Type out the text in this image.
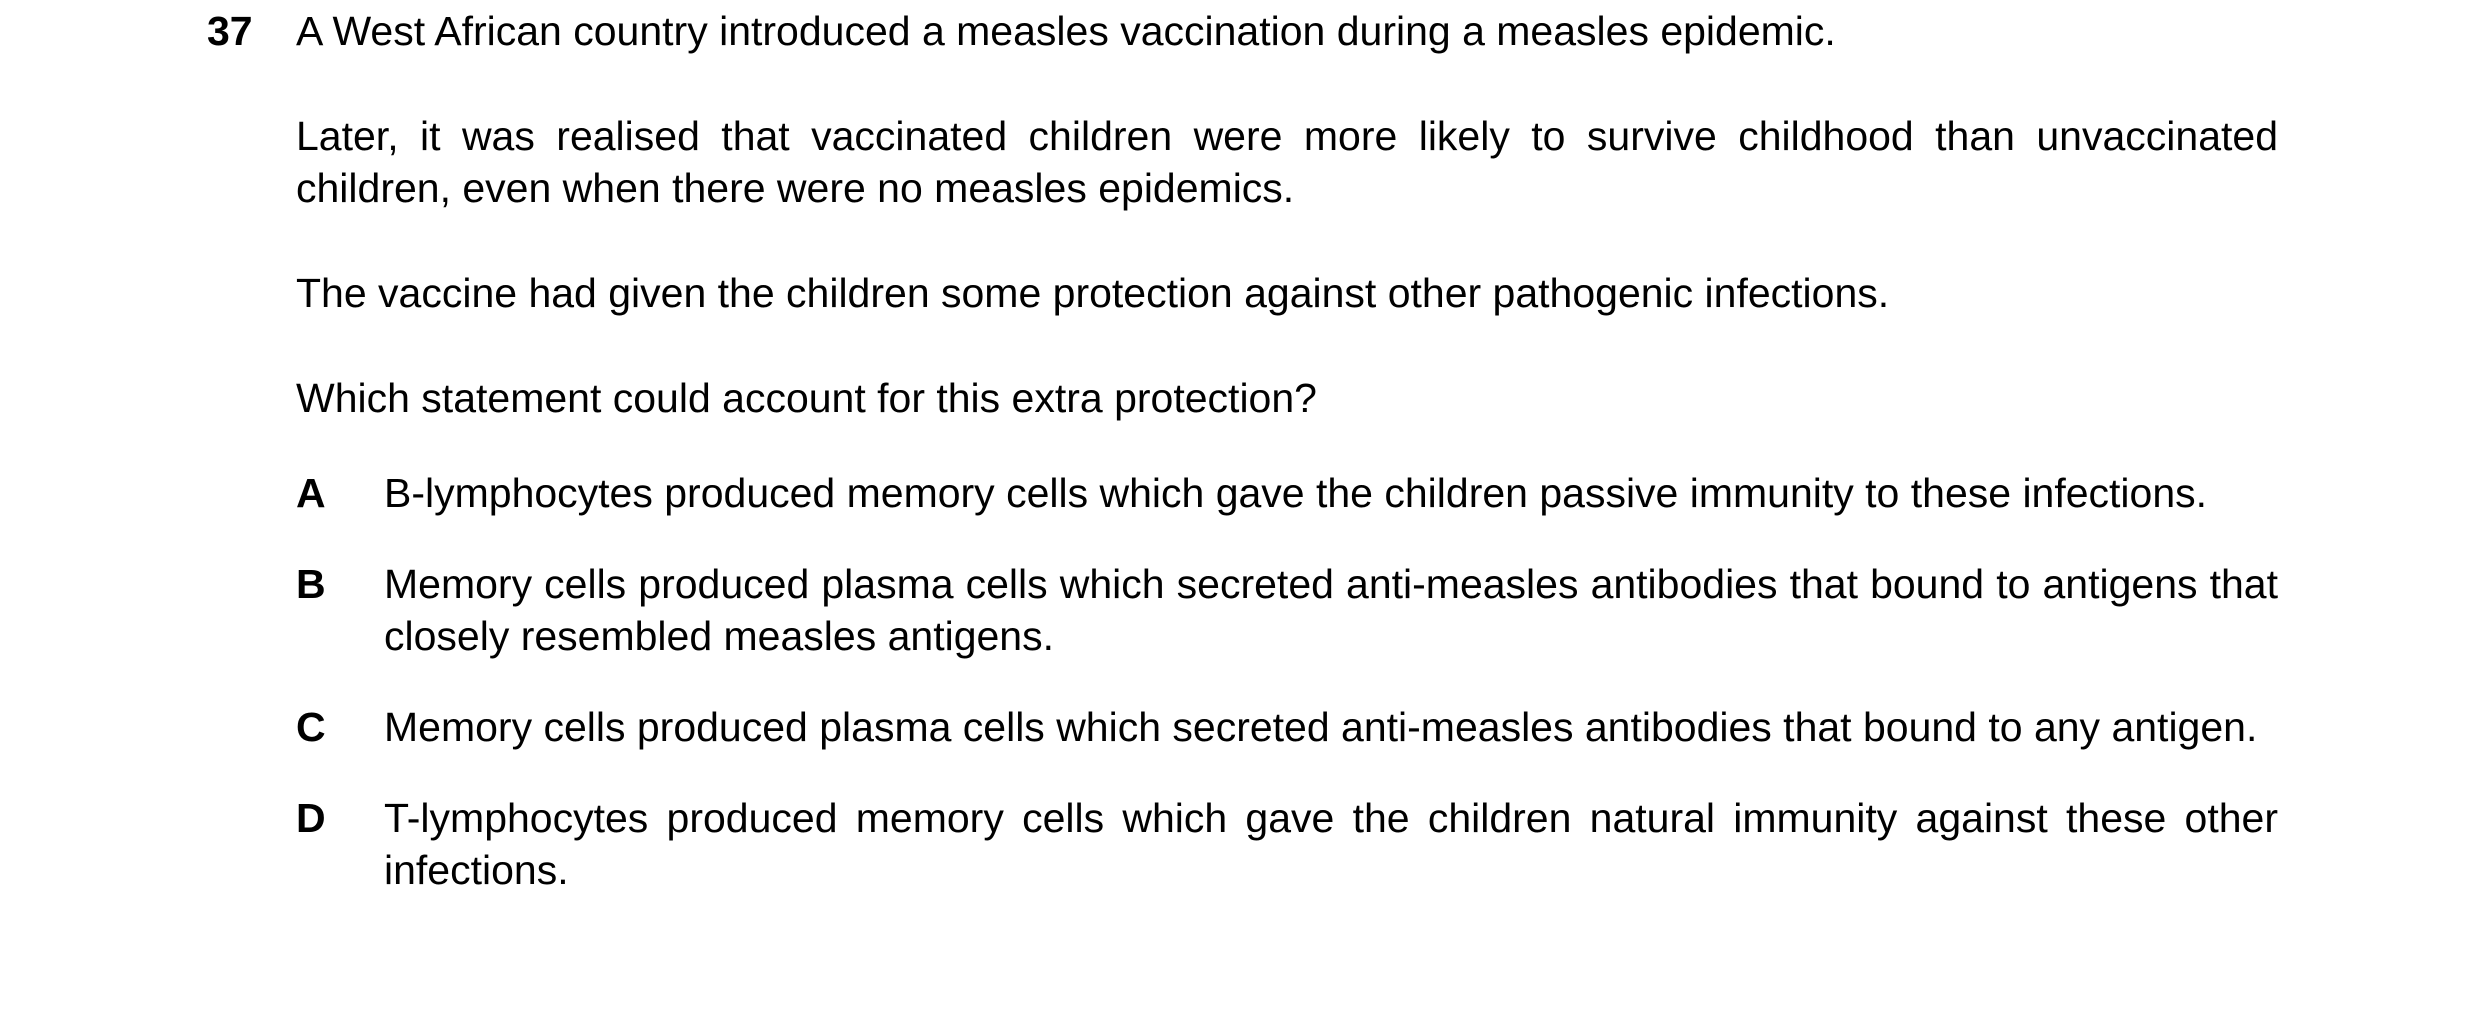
37 A West African country introduced a measles vaccination during a measles epidemic.

Later, it was realised that vaccinated children were more likely to survive childhood than unvaccinated children, even when there were no measles epidemics.

The vaccine had given the children some protection against other pathogenic infections.

Which statement could account for this extra protection?

A	B-lymphocytes produced memory cells which gave the children passive immunity to these infections.
B	Memory cells produced plasma cells which secreted anti-measles antibodies that bound to antigens that closely resembled measles antigens.
C	Memory cells produced plasma cells which secreted anti-measles antibodies that bound to any antigen.
D	T-lymphocytes produced memory cells which gave the children natural immunity against these other infections.
